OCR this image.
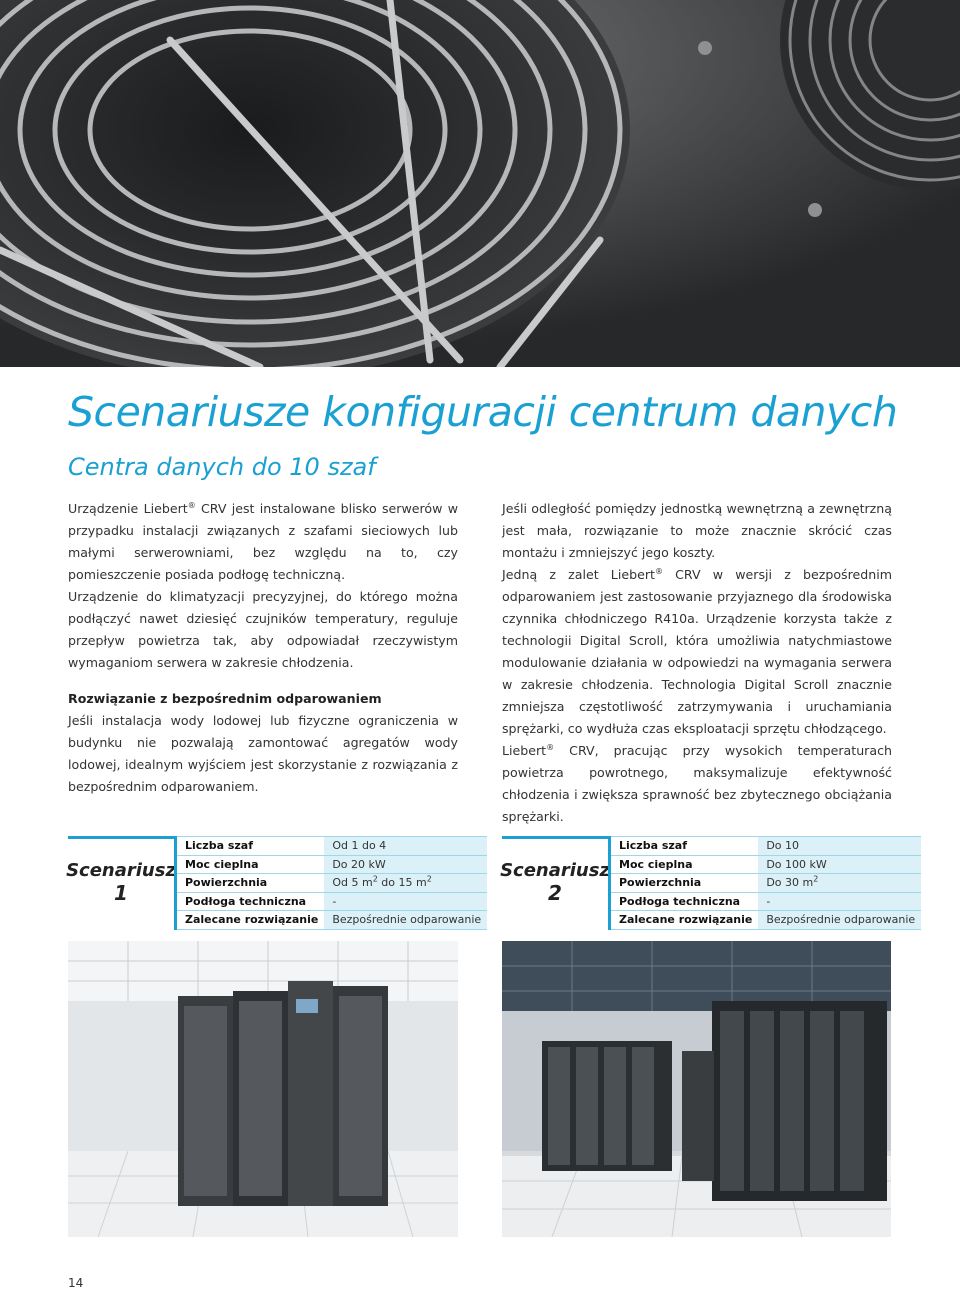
Scenariusze konfiguracji centrum danych
Centra danych do 10 szaf

Urządzenie Liebert® CRV jest instalowane blisko serwerów w przypadku instalacji związanych z szafami sieciowych lub małymi serwerowniami, bez względu na to, czy pomieszczenie posiada podłogę techniczną.

Urządzenie do klimatyzacji precyzyjnej, do którego można podłączyć nawet dziesięć czujników temperatury, reguluje przepływ powietrza tak, aby odpowiadał rzeczywistym wymaganiom serwera w zakresie chłodzenia.

Rozwiązanie z bezpośrednim odparowaniem

Jeśli instalacja wody lodowej lub fizyczne ograniczenia w budynku nie pozwalają zamontować agregatów wody lodowej, idealnym wyjściem jest skorzystanie z rozwiązania z bezpośrednim odparowaniem.

Jeśli odległość pomiędzy jednostką wewnętrzną a zewnętrzną jest mała, rozwiązanie to może znacznie skrócić czas montażu i zmniejszyć jego koszty.

Jedną z zalet Liebert® CRV w wersji z bezpośrednim odparowaniem jest zastosowanie przyjaznego dla środowiska czynnika chłodniczego R410a. Urządzenie korzysta także z technologii Digital Scroll, która umożliwia natychmiastowe modulowanie działania w odpowiedzi na wymagania serwera w zakresie chłodzenia. Technologia Digital Scroll znacznie zmniejsza częstotliwość zatrzymywania i uruchamiania sprężarki, co wydłuża czas eksploatacji sprzętu chłodzącego.

Liebert® CRV, pracując przy wysokich temperaturach powietrza powrotnego, maksymalizuje efektywność chłodzenia i zwiększa sprawność bez zbytecznego obciążania sprężarki.

Scenariusz
1
Liczba szaf	Od 1 do 4
Moc cieplna	Do 20 kW
Powierzchnia	Od 5 $m^2$ do 15 $m^2$
Podłoga techniczna	-
Zalecane rozwiązanie	Bezpośrednie odparowanie
Scenariusz
2
Liczba szaf	Do 10
Moc cieplna	Do 100 kW
Powierzchnia	Do 30 $m^2$
Podłoga techniczna	-
Zalecane rozwiązanie	Bezpośrednie odparowanie
14
